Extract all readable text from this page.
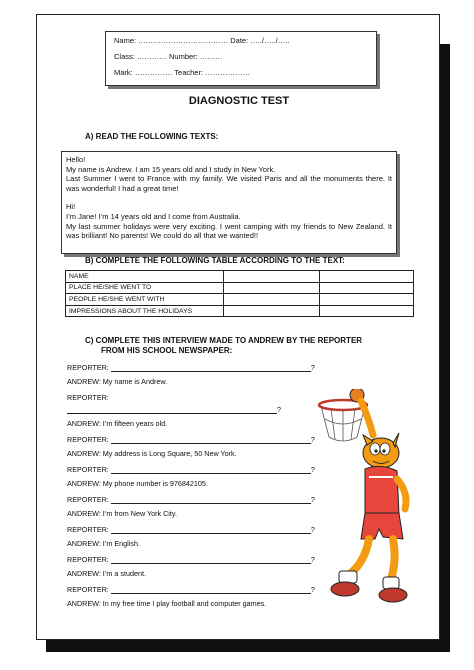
Name: ……………………………… Date: …../…../…..
Class: ………… Number: ………
Mark: …………… Teacher: ………………
DIAGNOSTIC TEST
A) READ THE FOLLOWING TEXTS:

Hello!

My name is Andrew. I am 15 years old and I study in New York.

Last Summer I went to France with my family. We visited Paris and all the monuments there. It was wonderful! I had a great time!

Hi!

I’m Jane! I’m 14 years old and I come from Australia.

My last summer holidays were very exciting. I went camping with my friends to New Zealand. It was brilliant! No parents! We could do all that we wanted!!

B) COMPLETE THE FOLLOWING TABLE ACCORDING TO THE TEXT:
NAME		
PLACE HE/SHE WENT TO		
PEOPLE HE/SHE WENT WITH		
IMPRESSIONS ABOUT THE HOLIDAYS		
C) COMPLETE THIS INTERVIEW MADE TO ANDREW BY THE REPORTER
FROM HIS SCHOOL NEWSPAPER:
REPORTER:	?
ANDREW: My name is Andrew.
REPORTER:
?
ANDREW: I’m fifteen years old.
REPORTER:	?
ANDREW: My address is Long Square, 50 New York.
REPORTER:	?
ANDREW: My phone number is 976842105.
REPORTER:	?
ANDREW: I’m from New York City.
REPORTER:	?
ANDREW: I’m English.
REPORTER:	?
ANDREW: I’m a student.
REPORTER:	?
ANDREW: In my free time I play football and computer games.
